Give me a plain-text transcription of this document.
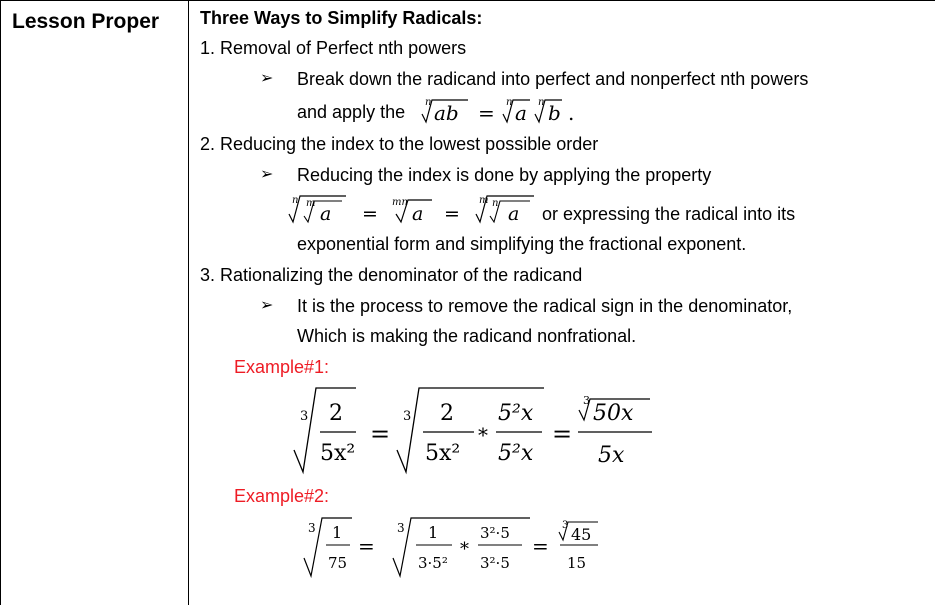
Lesson Proper Three Ways to Simplify Radicals:
1. Removal of Perfect nth powers
➢ Break down the radicand into perfect and nonperfect nth powers
and apply the n ab = n a n b .
2. Reducing the index to the lowest possible order
➢ Reducing the index is done by applying the property
n m a =
mn
a =
m n a or expressing the radical into its
exponential form and simplifying the fractional exponent.
3. Rationalizing the denominator of the radicand
➢ It is the process to remove the radical sign in the denominator,
Which is making the radicand nonfrational.
Example#1:
3 2
5x²
=
3 2
5x²
*
5²x
5²x
=
3
50x
5x
Example#2:
3 1
75
=
3 1
3·5²
*
3²·5
3²·5
=
3 45
15
